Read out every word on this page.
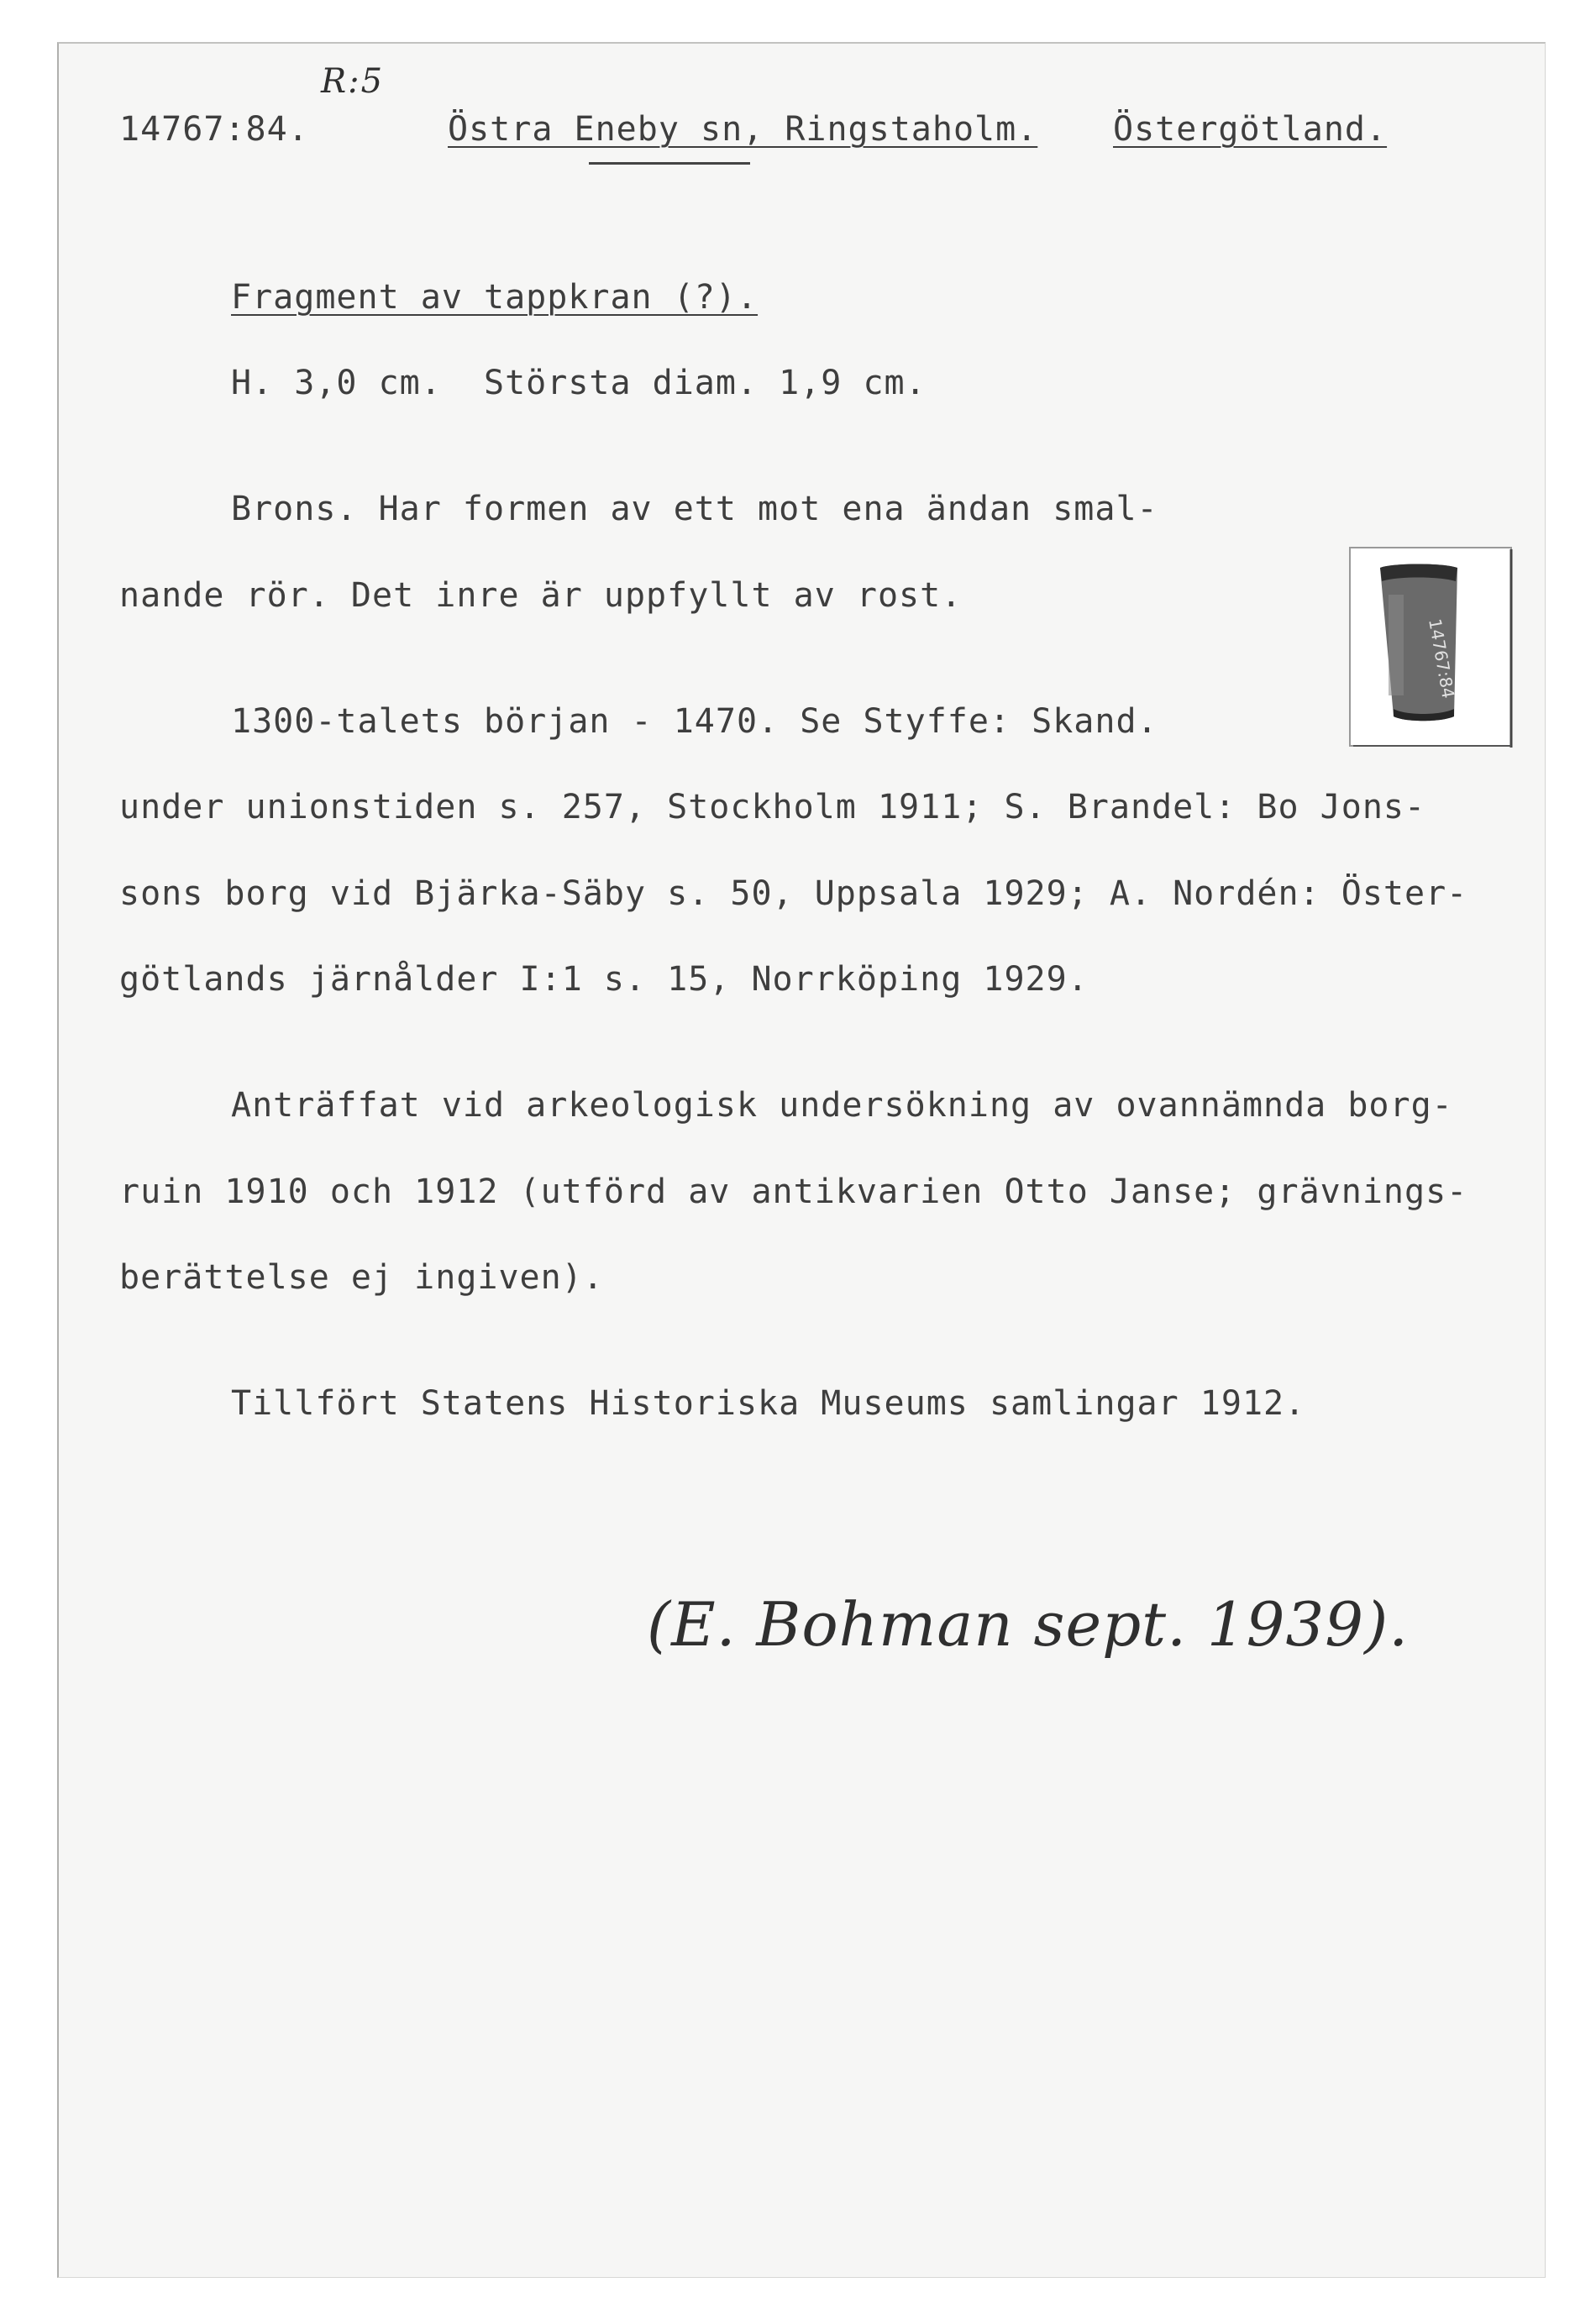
R:5

14767:84.	Östra Eneby sn, Ringstaholm. Östergötland.

Fragment av tappkran (?).

H. 3,0 cm.  Största diam. 1,9 cm.

Brons. Har formen av ett mot ena ändan smal-

nande rör. Det inre är uppfyllt av rost.

1300-talets början - 1470. Se Styffe: Skand.

under unionstiden s. 257, Stockholm 1911; S. Brandel: Bo Jons-

sons borg vid Bjärka-Säby s. 50, Uppsala 1929; A. Nordén: Öster-

götlands järnålder I:1 s. 15, Norrköping 1929.

Anträffat vid arkeologisk undersökning av ovannämnda borg-

ruin 1910 och 1912 (utförd av antikvarien Otto Janse; grävnings-

berättelse ej ingiven).

Tillfört Statens Historiska Museums samlingar 1912.

(E. Bohman sept. 1939).

14767:84
